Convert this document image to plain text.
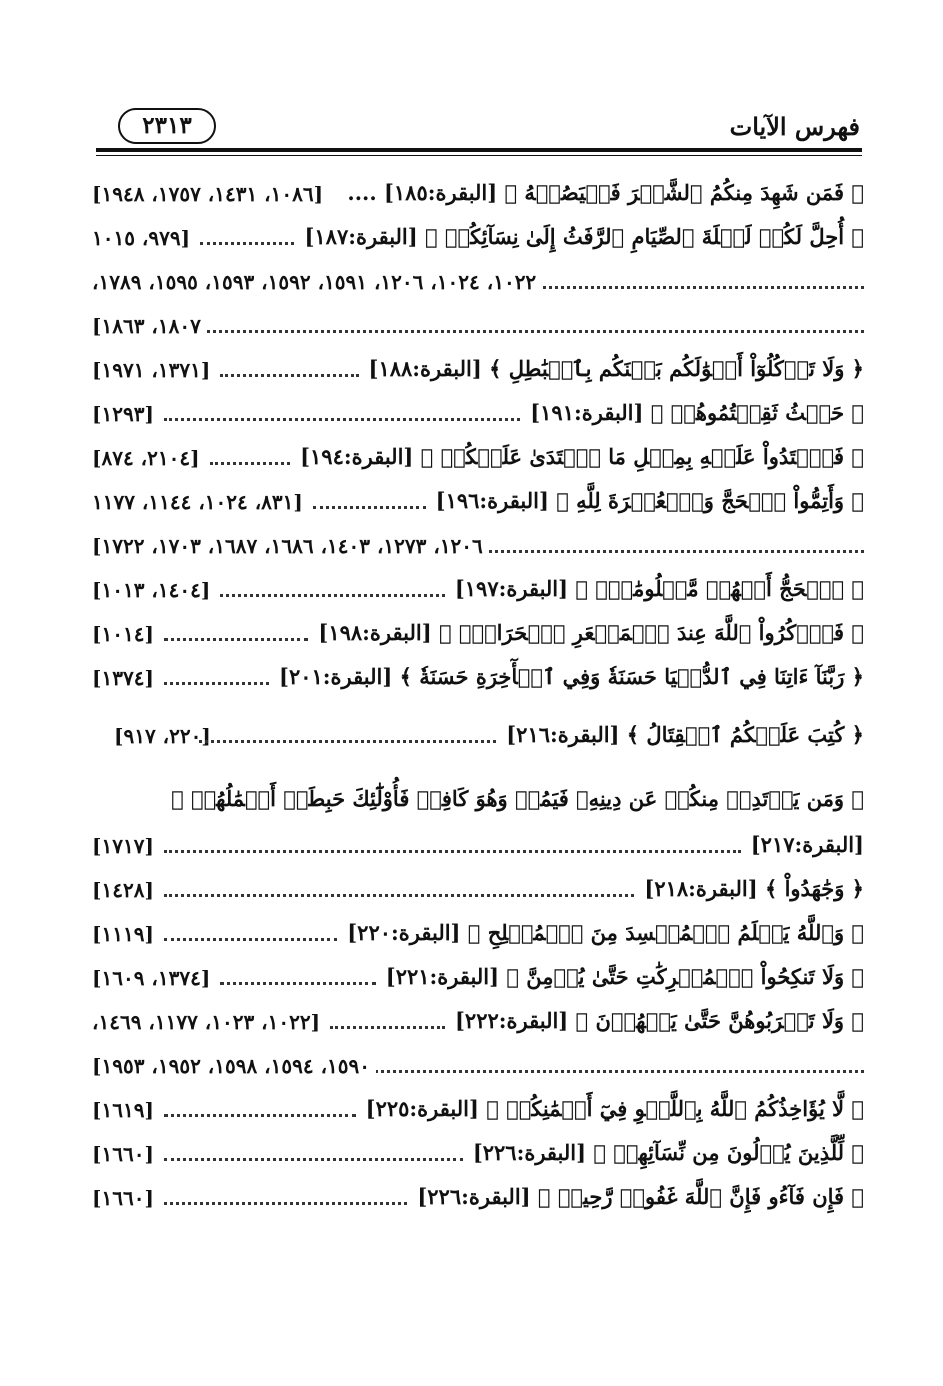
٢٣١٣	فهرس الآيات
﴿ فَمَن شَهِدَ مِنكُمُ ٱلشَّهۡرَ فَلۡيَصُمۡهُ ﴾ [البقرة:١٨٥] ....
[١٠٨٦، ١٤٣١، ١٧٥٧، ١٩٤٨]
﴿ أُحِلَّ لَكُمۡ لَيۡلَةَ ٱلصِّيَامِ ٱلرَّفَثُ إِلَىٰ نِسَآئِكُمۡ ﴾ [البقرة:١٨٧]
[٩٧٩، ١٠١٥
١٠٢٢، ١٠٢٤، ١٢٠٦، ١٥٩١، ١٥٩٢، ١٥٩٣، ١٥٩٥، ١٧٨٩،
١٨٠٧، ١٨٦٣]
﴿ وَلَا تَأۡكُلُوٓاْ أَمۡوَٰلَكُم بَيۡنَكُم بِٱلۡبَٰطِلِ ﴾ [البقرة:١٨٨]
[١٣٧١، ١٩٧١]
﴿ حَيۡثُ ثَقِفۡتُمُوهُمۡ ﴾ [البقرة:١٩١]
[١٢٩٣]
﴿ فَٱعۡتَدُواْ عَلَيۡهِ بِمِثۡلِ مَا ٱعۡتَدَىٰ عَلَيۡكُمۡ ﴾ [البقرة:١٩٤]
[٢١٠٤، ٨٧٤]
﴿ وَأَتِمُّواْ ٱلۡحَجَّ وَٱلۡعُمۡرَةَ لِلَّهِ ﴾ [البقرة:١٩٦]
[٨٣١، ١٠٢٤، ١١٤٤، ١١٧٧
١٢٠٦، ١٢٧٣، ١٤٠٣، ١٦٨٦، ١٦٨٧، ١٧٠٣، ١٧٢٢]
﴿ ٱلۡحَجُّ أَشۡهُرٞ مَّعۡلُومَٰتٞۚ ﴾ [البقرة:١٩٧]
[١٤٠٤، ١٠١٣]
﴿ فَٱذۡكُرُواْ ٱللَّهَ عِندَ ٱلۡمَشۡعَرِ ٱلۡحَرَامِۖ ﴾ [البقرة:١٩٨]
[١٠١٤]
﴿ رَبَّنَآ ءَاتِنَا فِي ٱلدُّنۡيَا حَسَنَةٗ وَفِي ٱلۡأٓخِرَةِ حَسَنَةٗ ﴾ [البقرة:٢٠١]
[١٣٧٤]
﴿ كُتِبَ عَلَيۡكُمُ ٱلۡقِتَالُ ﴾ [البقرة:٢١٦]
[٢٢٠، ٩١٧]
﴿ وَمَن يَرۡتَدِدۡ مِنكُمۡ عَن دِينِهِۦ فَيَمُتۡ وَهُوَ كَافِرٞ فَأُوْلَٰٓئِكَ حَبِطَتۡ أَعۡمَٰلُهُمۡ ﴾
[البقرة:٢١٧]
[١٧١٧]
﴿ وَجَٰهَدُواْ ﴾ [البقرة:٢١٨]
[١٤٢٨]
﴿ وَٱللَّهُ يَعۡلَمُ ٱلۡمُفۡسِدَ مِنَ ٱلۡمُصۡلِحِ ﴾ [البقرة:٢٢٠]
[١١١٩]
﴿ وَلَا تَنكِحُواْ ٱلۡمُشۡرِكَٰتِ حَتَّىٰ يُؤۡمِنَّ ﴾ [البقرة:٢٢١]
[١٣٧٤، ١٦٠٩]
﴿ وَلَا تَقۡرَبُوهُنَّ حَتَّىٰ يَطۡهُرۡنَ ﴾ [البقرة:٢٢٢]
[١٠٢٢، ١٠٢٣، ١١٧٧، ١٤٦٩،
١٥٩٠، ١٥٩٤، ١٥٩٨، ١٩٥٢، ١٩٥٣]
﴿ لَّا يُؤَاخِذُكُمُ ٱللَّهُ بِٱللَّغۡوِ فِيٓ أَيۡمَٰنِكُمۡ ﴾ [البقرة:٢٢٥]
[١٦١٩]
﴿ لِّلَّذِينَ يُؤۡلُونَ مِن نِّسَآئِهِمۡ ﴾ [البقرة:٢٢٦]
[١٦٦٠]
﴿ فَإِن فَآءُو فَإِنَّ ٱللَّهَ غَفُورٞ رَّحِيمٞ ﴾ [البقرة:٢٢٦]
[١٦٦٠]
